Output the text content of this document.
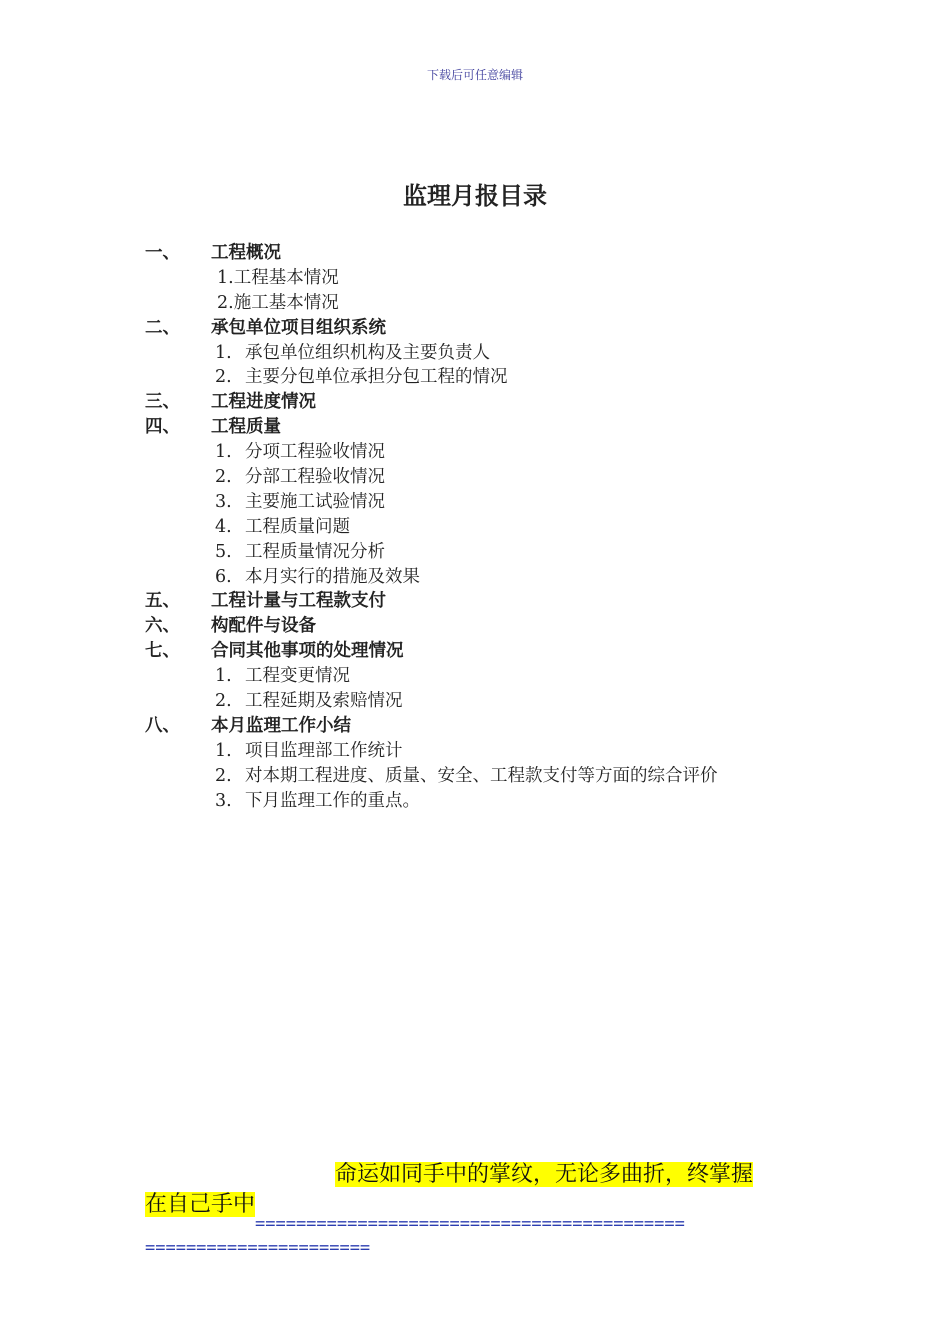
下载后可任意编辑
监理月报目录
一、 工程概况
1.工程基本情况
2.施工基本情况
二、 承包单位项目组织系统
1. 承包单位组织机构及主要负责人
2. 主要分包单位承担分包工程的情况
三、 工程进度情况
四、 工程质量
1. 分项工程验收情况
2. 分部工程验收情况
3. 主要施工试验情况
4. 工程质量问题
5. 工程质量情况分析
6. 本月实行的措施及效果
五、 工程计量与工程款支付
六、 构配件与设备
七、 合同其他事项的处理情况
1. 工程变更情况
2. 工程延期及索赔情况
八、 本月监理工作小结
1. 项目监理部工作统计
2. 对本期工程进度、质量、安全、工程款支付等方面的综合评价
3. 下月监理工作的重点。
命运如同手中的掌纹，无论多曲折，终掌握
在自己手中
==========================================
======================
